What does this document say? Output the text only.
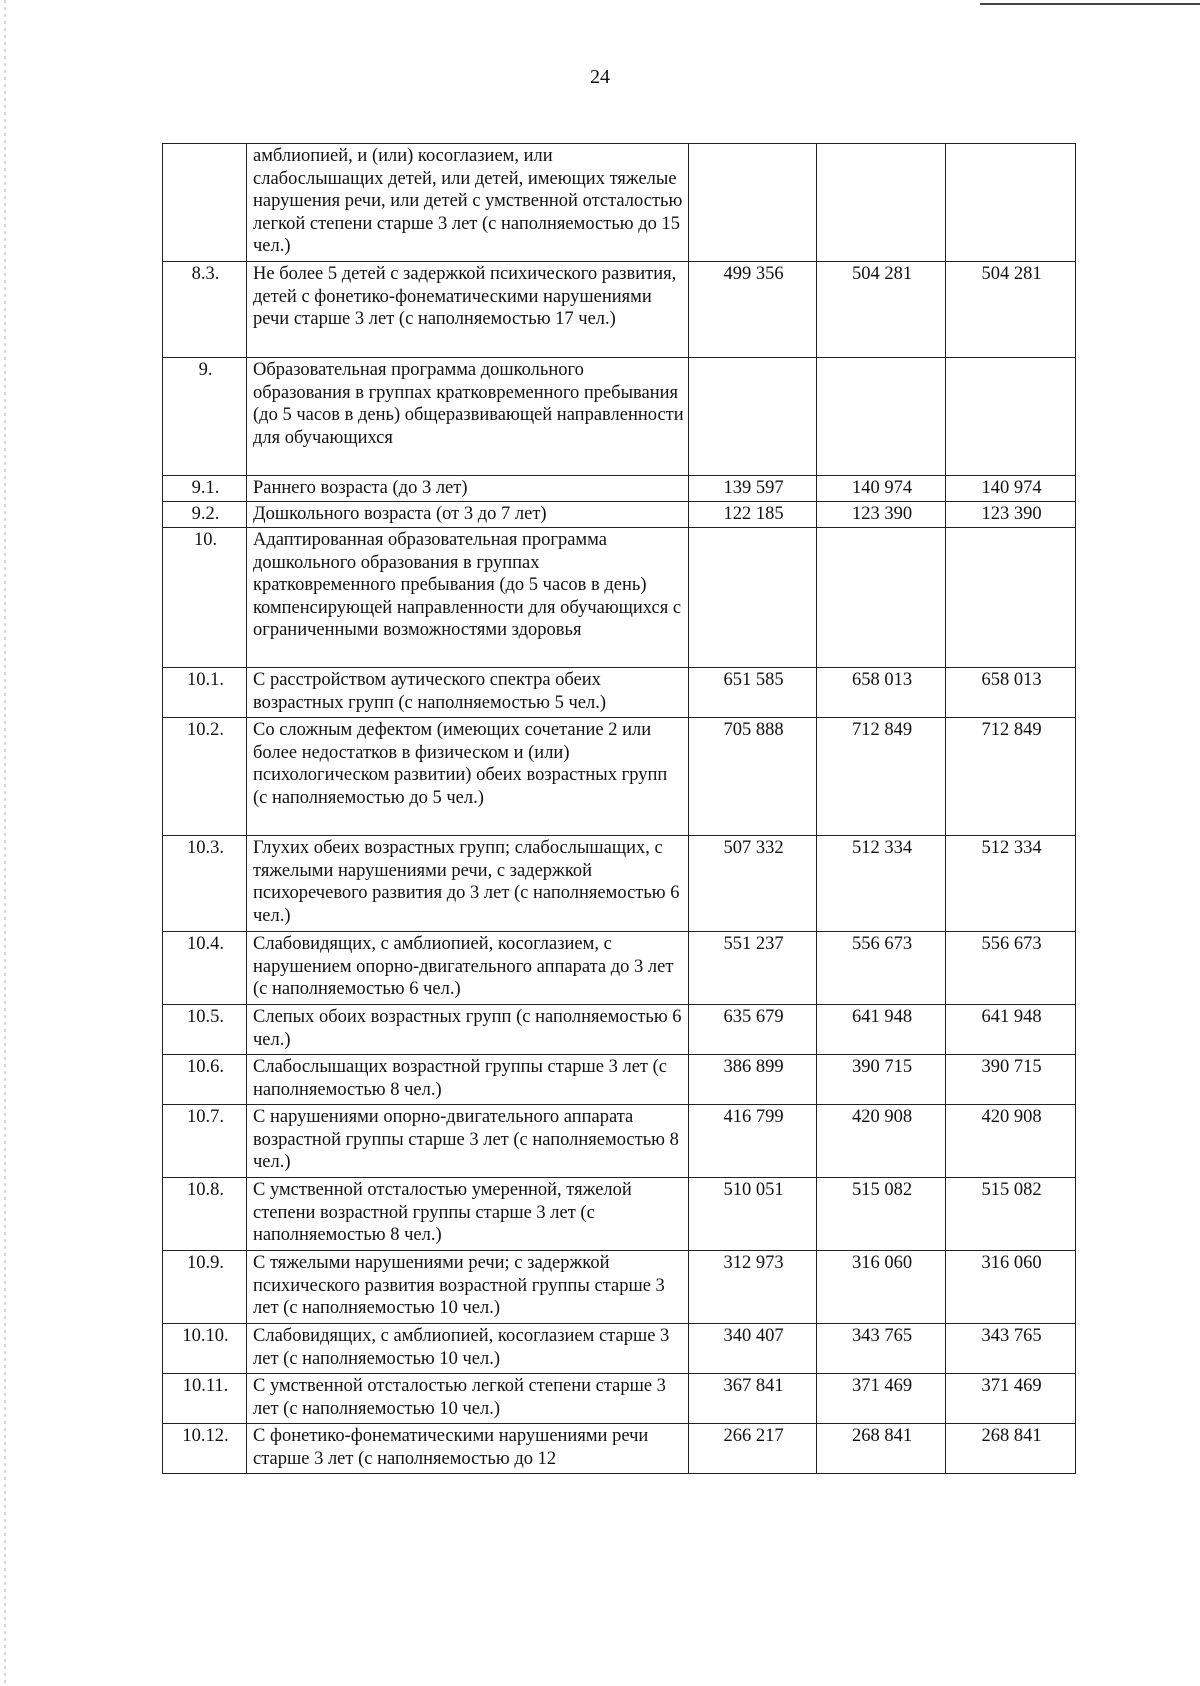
24
	амблиопией, и (или) косоглазием, или слабослышащих детей, или детей, имеющих тяжелые нарушения речи, или детей с умственной отсталостью легкой степени старше 3 лет (с наполняемостью до 15 чел.)			
8.3.	Не более 5 детей с задержкой психического развития, детей с фонетико-фонематическими нарушениями речи старше 3 лет (с наполняемостью 17 чел.)	499 356	504 281	504 281
9.	Образовательная программа дошкольного образования в группах кратковременного пребывания (до 5 часов в день) общеразвивающей направленности для обучающихся			
9.1.	Раннего возраста (до 3 лет)	139 597	140 974	140 974
9.2.	Дошкольного возраста (от 3 до 7 лет)	122 185	123 390	123 390
10.	Адаптированная образовательная программа дошкольного образования в группах кратковременного пребывания (до 5 часов в день) компенсирующей направленности для обучающихся с ограниченными возможностями здоровья			
10.1.	С расстройством аутического спектра обеих возрастных групп (с наполняемостью 5 чел.)	651 585	658 013	658 013
10.2.	Со сложным дефектом (имеющих сочетание 2 или более недостатков в физическом и (или) психологическом развитии) обеих возрастных групп (с наполняемостью до 5 чел.)	705 888	712 849	712 849
10.3.	Глухих обеих возрастных групп; слабослышащих, с тяжелыми нарушениями речи, с задержкой психоречевого развития до 3 лет (с наполняемостью 6 чел.)	507 332	512 334	512 334
10.4.	Слабовидящих, с амблиопией, косоглазием, с нарушением опорно-двигательного аппарата до 3 лет (с наполняемостью 6 чел.)	551 237	556 673	556 673
10.5.	Слепых обоих возрастных групп (с наполняемостью 6 чел.)	635 679	641 948	641 948
10.6.	Слабослышащих возрастной группы старше 3 лет (с наполняемостью 8 чел.)	386 899	390 715	390 715
10.7.	С нарушениями опорно-двигательного аппарата возрастной группы старше 3 лет (с наполняемостью 8 чел.)	416 799	420 908	420 908
10.8.	С умственной отсталостью умеренной, тяжелой степени возрастной группы старше 3 лет (с наполняемостью 8 чел.)	510 051	515 082	515 082
10.9.	С тяжелыми нарушениями речи; с задержкой психического развития возрастной группы старше 3 лет (с наполняемостью 10 чел.)	312 973	316 060	316 060
10.10.	Слабовидящих, с амблиопией, косоглазием старше 3 лет (с наполняемостью 10 чел.)	340 407	343 765	343 765
10.11.	С умственной отсталостью легкой степени старше 3 лет (с наполняемостью 10 чел.)	367 841	371 469	371 469
10.12.	С фонетико-фонематическими нарушениями речи старше 3 лет (с наполняемостью до 12	266 217	268 841	268 841
